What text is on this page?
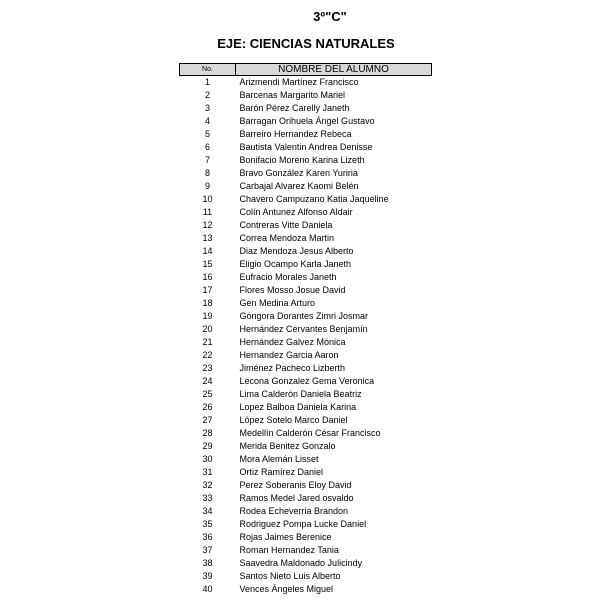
3º"C"
EJE: CIENCIAS NATURALES
No.	NOMBRE DEL ALUMNO
1	Arizmendi Martínez Francisco
2	Barcenas Margarito Mariel
3	Barón Pérez Carelly Janeth
4	Barragan Orihuela Ángel Gustavo
5	Barreiro Hernandez Rebeca
6	Bautista Valentin Andrea Denisse
7	Bonifacio Moreno Karina Lizeth
8	Bravo González Karen Yuriria
9	Carbajal Alvarez Kaomi Belén
10	Chavero Campuzano Katia Jaqueline
11	Colín Antunez Alfonso Aldair
12	Contreras Vitte Daniela
13	Correa Mendoza Martin
14	Diaz Mendoza Jesus Alberto
15	Eligio Ocampo Karla Janeth
16	Eufracio Morales Janeth
17	Flores Mosso Josue David
18	Gen Medina Arturo
19	Góngora Dorantes Zimri Josmar
20	Hernández Cervantes Benjamín
21	Hernández Galvez Mónica
22	Hernandez Garcia Aaron
23	Jiménez Pacheco Lizberth
24	Lecona Gonzalez Gema Veronica
25	Lima Calderón Daniela Beatriz
26	Lopez Balboa Daniela Karina
27	López Sotelo Marco Daniel
28	Medellín Calderón César Francisco
29	Merida Benitez Gonzalo
30	Mora Alemán Lisset
31	Ortiz Ramírez Daniel
32	Perez Soberanis Eloy David
33	Ramos Medel Jared osvaldo
34	Rodea Echeverria Brandon
35	Rodriguez Pompa Lucke Daniel
36	Rojas Jaimes Berenice
37	Roman Hernandez Tania
38	Saavedra Maldonado Julicindy
39	Santos Nieto Luis Alberto
40	Vences Ángeles Miguel
